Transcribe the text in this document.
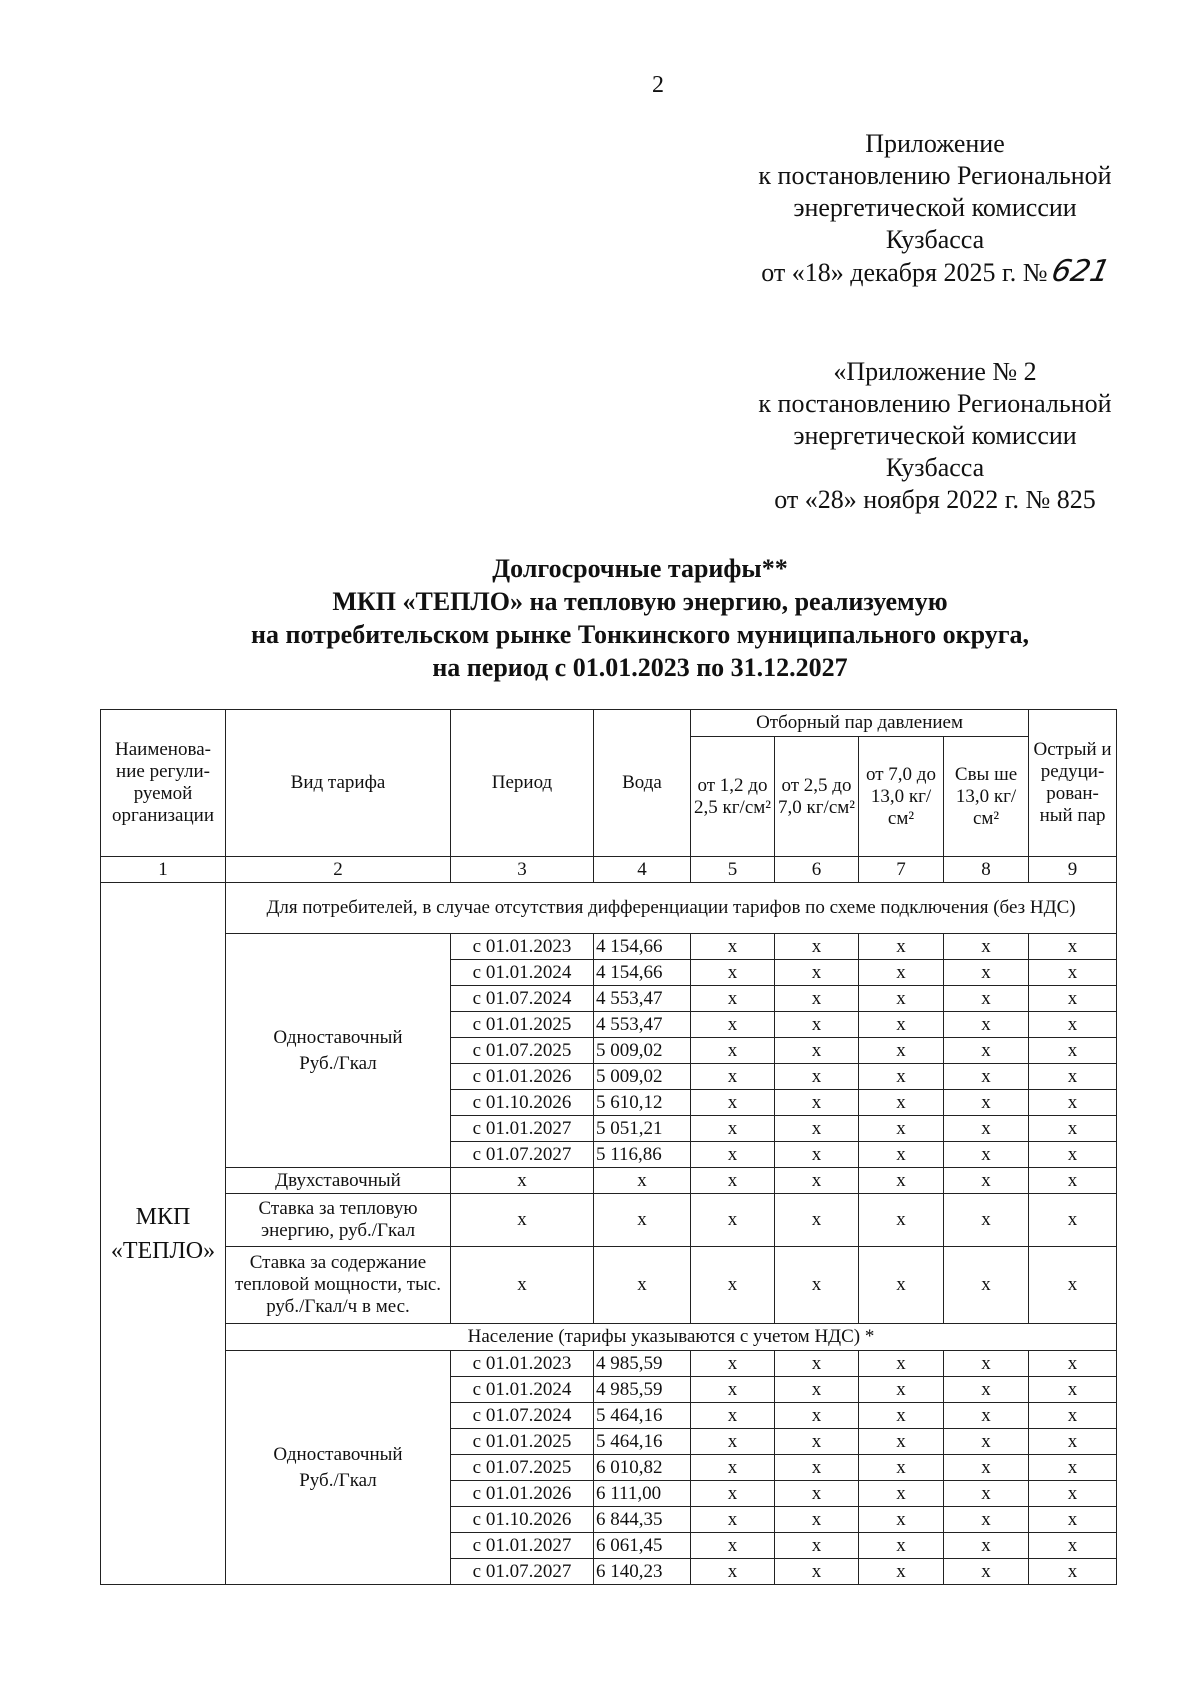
2
Приложение
к постановлению Региональной
энергетической комиссии
Кузбасса
от «18» декабря 2025 г. №621
«Приложение № 2
к постановлению Региональной
энергетической комиссии
Кузбасса
от «28» ноября 2022 г. № 825
Долгосрочные тарифы**
МКП «ТЕПЛО» на тепловую энергию, реализуемую
на потребительском рынке Тонкинского муниципального округа,
на период с 01.01.2023 по 31.12.2027
Наименова-ние регули-руемой организации	Вид тарифа	Период	Вода	Отборный пар давлением				Острый и редуци-рован-ный пар
				от 1,2 до 2,5 кг/см²	от 2,5 до 7,0 кг/см²	от 7,0 до 13,0 кг/см²	Свы ше 13,0 кг/см²	
1	2	3	4	5	6	7	8	9
МКП «ТЕПЛО»	Для потребителей, в случае отсутствия дифференциации тарифов по схеме подключения (без НДС)							
	Одноставочный Руб./Гкал	с 01.01.2023	4 154,66	x	x	x	x	x
		с 01.01.2024	4 154,66	x	x	x	x	x
		с 01.07.2024	4 553,47	x	x	x	x	x
		с 01.01.2025	4 553,47	x	x	x	x	x
		с 01.07.2025	5 009,02	x	x	x	x	x
		с 01.01.2026	5 009,02	x	x	x	x	x
		с 01.10.2026	5 610,12	x	x	x	x	x
		с 01.01.2027	5 051,21	x	x	x	x	x
		с 01.07.2027	5 116,86	x	x	x	x	x
	Двухставочный	x	x	x	x	x	x	x
	Ставка за тепловую энергию, руб./Гкал	x	x	x	x	x	x	x
	Ставка за содержание тепловой мощности, тыс. руб./Гкал/ч в мес.	x	x	x	x	x	x	x
	Население (тарифы указываются с учетом НДС) *							
	Одноставочный Руб./Гкал	с 01.01.2023	4 985,59	x	x	x	x	x
		с 01.01.2024	4 985,59	x	x	x	x	x
		с 01.07.2024	5 464,16	x	x	x	x	x
		с 01.01.2025	5 464,16	x	x	x	x	x
		с 01.07.2025	6 010,82	x	x	x	x	x
		с 01.01.2026	6 111,00	x	x	x	x	x
		с 01.10.2026	6 844,35	x	x	x	x	x
		с 01.01.2027	6 061,45	x	x	x	x	x
		с 01.07.2027	6 140,23	x	x	x	x	x
